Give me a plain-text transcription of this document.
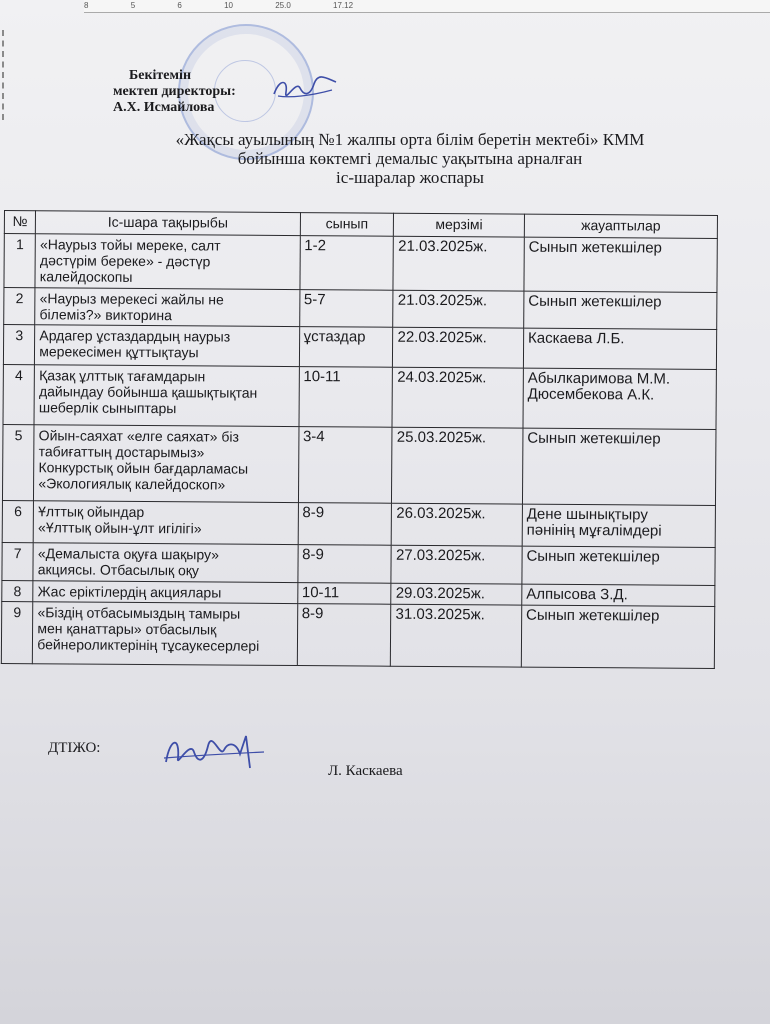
8	5	6	10	25.0	17.12
Бекітемін
мектеп директоры:
А.Х. Исмайлова
«Жақсы ауылының №1 жалпы орта білім беретін мектебі» КММ
бойынша көктемгі демалыс уақытына арналған
іс-шаралар жоспары
№	Іс-шара тақырыбы	сынып	мерзімі	жауаптылар
1	«Наурыз тойы мереке, салт
дәстүрім береке» - дәстүр
калейдоскопы	1-2	21.03.2025ж.	Сынып жетекшілер

2	«Наурыз мерекесі жайлы не
білеміз?» викторина	5-7	21.03.2025ж.	Сынып жетекшілер

3	Ардагер ұстаздардың наурыз
мерекесімен құттықтауы	ұстаздар	22.03.2025ж.	Каскаева Л.Б.

4	Қазақ ұлттық тағамдарын
дайындау бойынша қашықтықтан
шеберлік сыныптары	10-11	24.03.2025ж.	Абылкаримова М.М.
Дюсембекова А.К.

5	Ойын-саяхат «елге саяхат» біз
табиғаттың достарымыз»
Конкурстық ойын бағдарламасы
«Экологиялық калейдоскоп»	3-4	25.03.2025ж.	Сынып жетекшілер

6	Ұлттық ойындар
«Ұлттық ойын-ұлт игілігі»	8-9	26.03.2025ж.	Дене шынықтыру
пәнінің мұғалімдері

7	«Демалыста оқуға шақыру»
акциясы. Отбасылық оқу	8-9	27.03.2025ж.	Сынып жетекшілер

8	Жас еріктілердің акциялары	10-11	29.03.2025ж.	Алпысова З.Д.

9	«Біздің отбасымыздың тамыры
мен қанаттары» отбасылық
бейнероликтерінің тұсаукесерлері	8-9	31.03.2025ж.	Сынып жетекшілер
ДТІЖО:
Л. Каскаева
